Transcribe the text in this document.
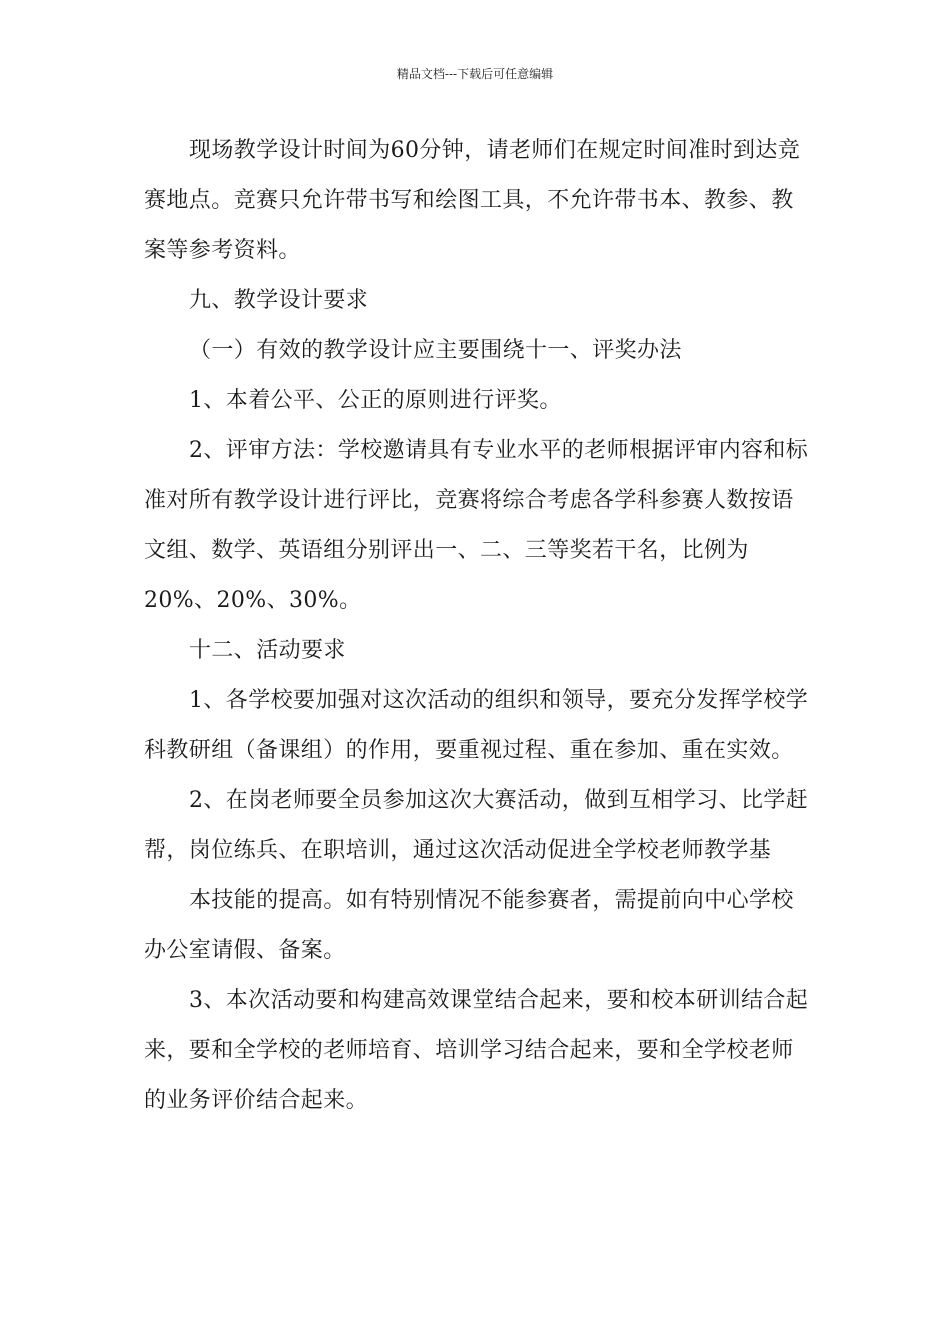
精品文档---下载后可任意编辑
现场教学设计时间为60分钟，请老师们在规定时间准时到达竞
赛地点。竞赛只允许带书写和绘图工具，不允许带书本、教参、教
案等参考资料。
九、教学设计要求
（一）有效的教学设计应主要围绕十一、评奖办法
1、本着公平、公正的原则进行评奖。
2、评审方法：学校邀请具有专业水平的老师根据评审内容和标
准对所有教学设计进行评比，竞赛将综合考虑各学科参赛人数按语
文组、数学、英语组分别评出一、二、三等奖若干名，比例为
20%、20%、30%。
十二、活动要求
1、各学校要加强对这次活动的组织和领导，要充分发挥学校学
科教研组（备课组）的作用，要重视过程、重在参加、重在实效。
2、在岗老师要全员参加这次大赛活动，做到互相学习、比学赶
帮，岗位练兵、在职培训，通过这次活动促进全学校老师教学基
本技能的提高。如有特别情况不能参赛者，需提前向中心学校
办公室请假、备案。
3、本次活动要和构建高效课堂结合起来，要和校本研训结合起
来，要和全学校的老师培育、培训学习结合起来，要和全学校老师
的业务评价结合起来。
